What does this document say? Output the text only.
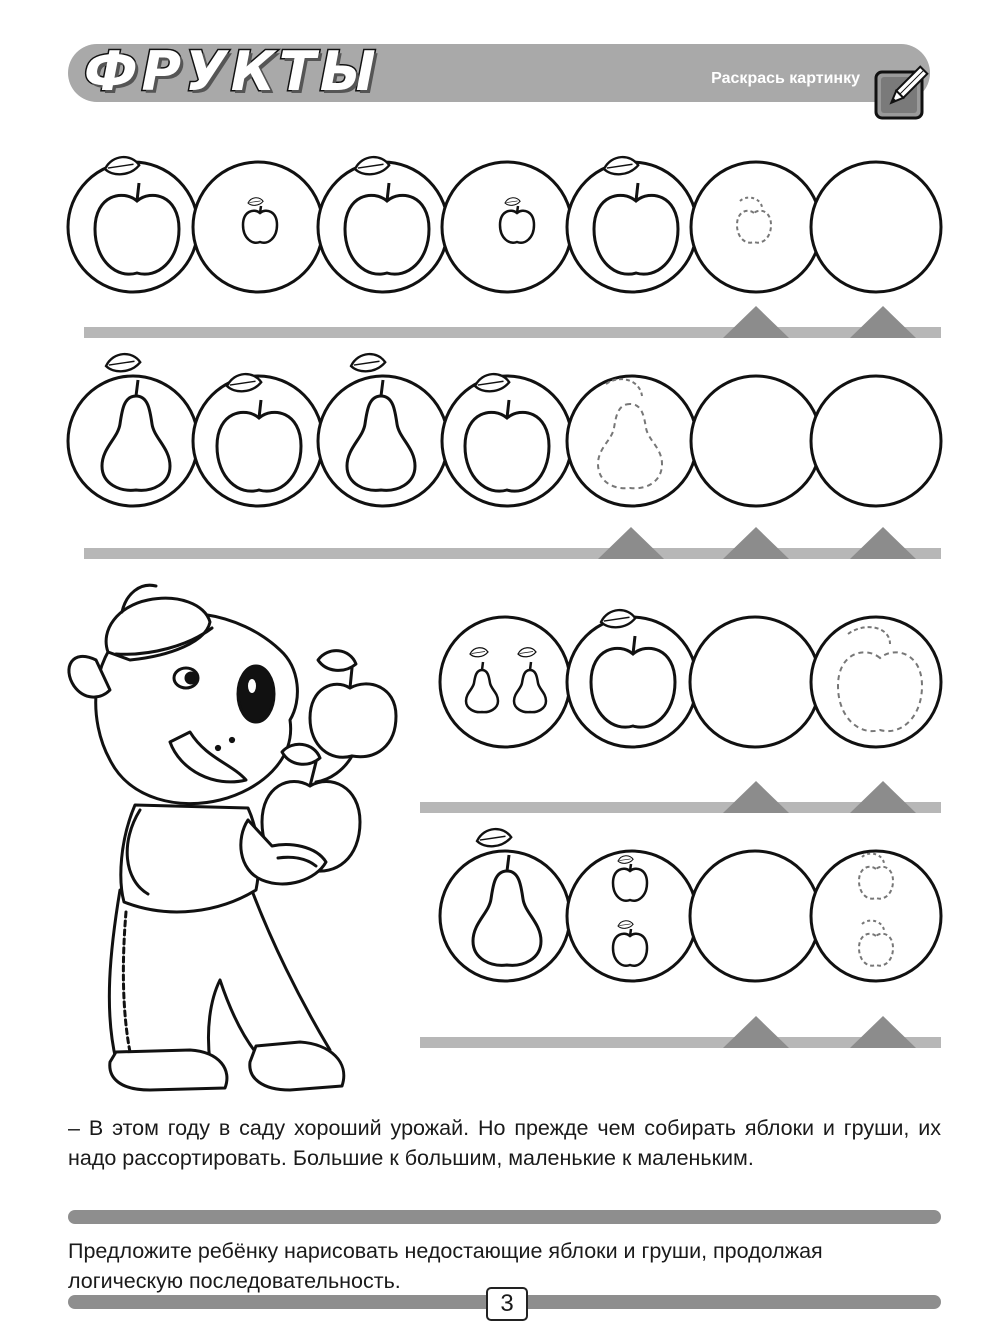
ФРУКТЫ	Раскрась картинку
– В этом году в саду хороший урожай. Но прежде чем собирать яблоки и груши, их надо рассортировать. Большие к большим, маленькие к маленьким.
Предложите ребёнку нарисовать недостающие яблоки и груши, продолжая логическую последовательность.
3
